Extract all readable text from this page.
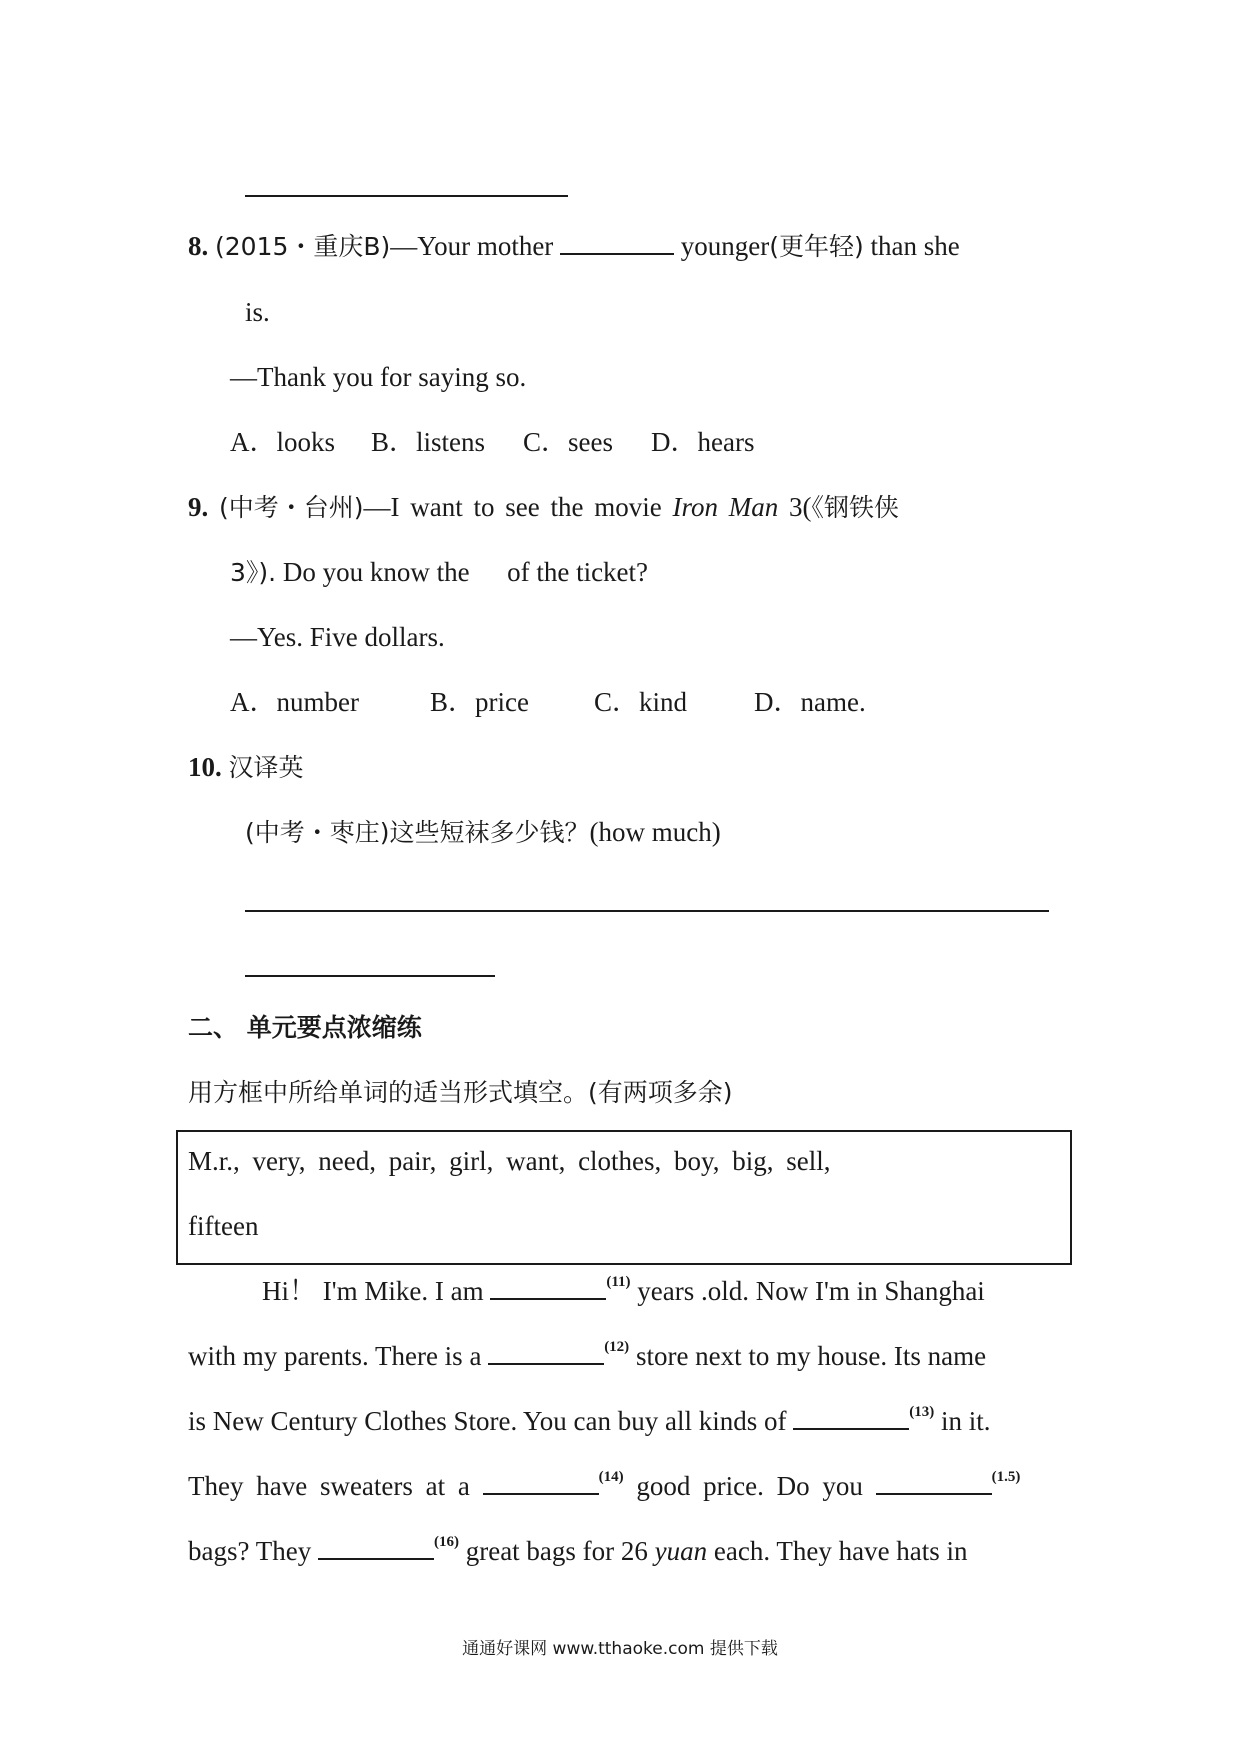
8. (2015・重庆B)—Your mother	younger(更年轻) than she
is.
—Thank you for saying so.
A．looks B．listens C．sees D．hears
9. (中考・台州)—I want to see the movie Iron Man 3(《钢铁侠
3》). Do you know the of the ticket?
—Yes. Five dollars.
A．number	B．price C．kind D．name.
10. 汉译英
(中考・枣庄)这些短袜多少钱？(how much)
二、 单元要点浓缩练
用方框中所给单词的适当形式填空。(有两项多余)
M.r., very, need, pair, girl, want, clothes, boy, big, sell,
fifteen
Hi！ I'm Mike. I am	$^{(11)}$ years .old. Now I'm in Shanghai
with my parents. There is a	$^{(12)}$ store next to my house. Its name
is New Century Clothes Store. You can buy all kinds of	$^{(13)}$ in it.
They have sweaters at a	$^{(14)}$ good price. Do you	$^{(1.5)}$
bags? They	$^{(16)}$ great bags for 26 yuan each. They have hats in
通通好课网 www.tthaoke.com 提供下载
